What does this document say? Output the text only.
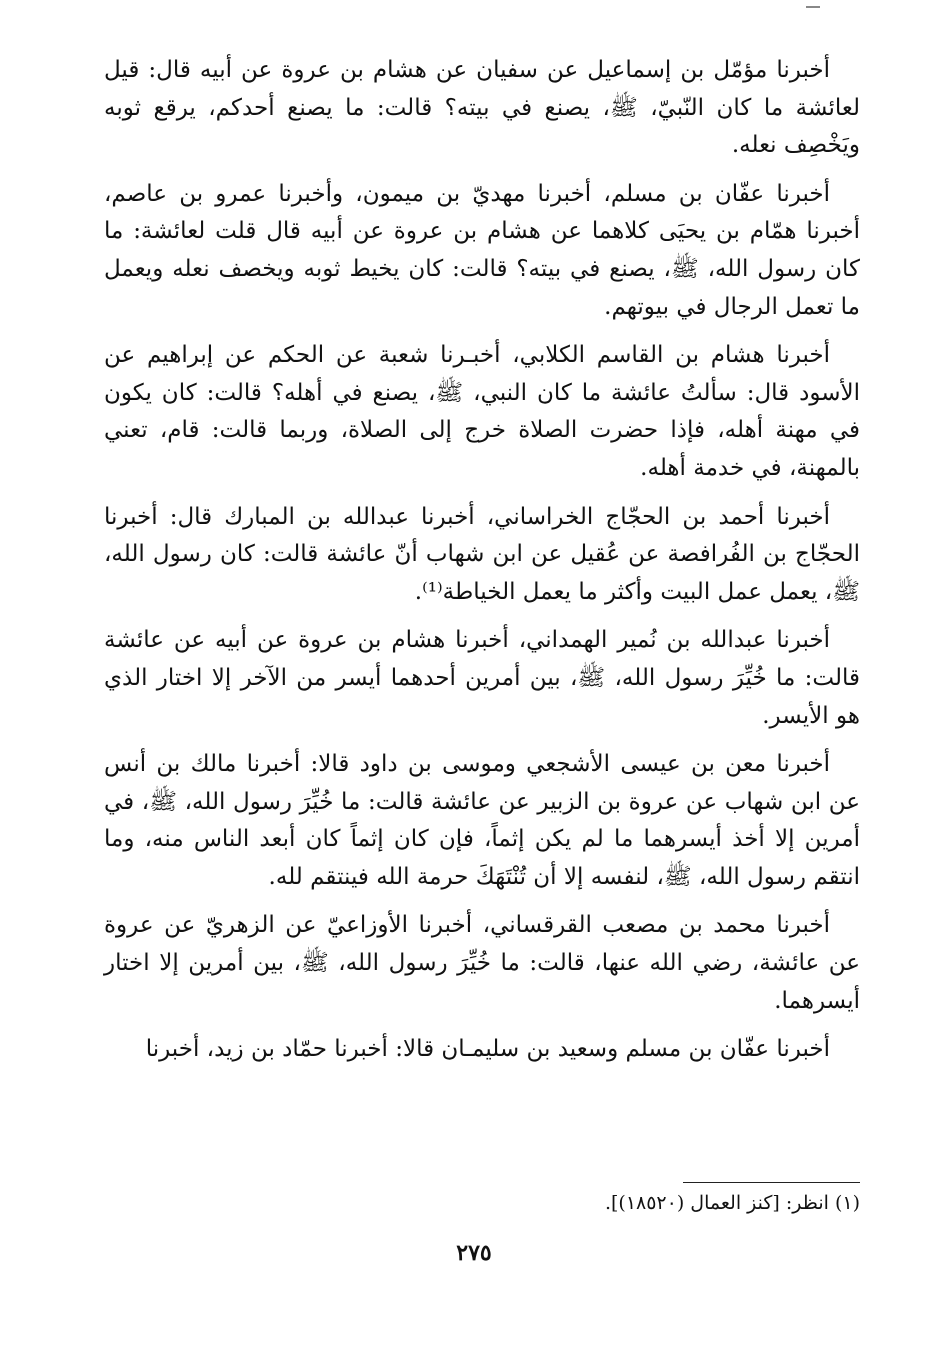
أخبرنا مؤمّل بن إسماعيل عن سفيان عن هشام بن عروة عن أبيه قال: قيل لعائشة ما كان النّبيّ، ﷺ، يصنع في بيته؟ قالت: ما يصنع أحدكم، يرقع ثوبه ويَخْصِف نعله.

أخبرنا عفّان بن مسلم، أخبرنا مهديّ بن ميمون، وأخبرنا عمرو بن عاصم، أخبرنا همّام بن يحيَى كلاهما عن هشام بن عروة عن أبيه قال قلت لعائشة: ما كان رسول الله، ﷺ، يصنع في بيته؟ قالت: كان يخيط ثوبه ويخصف نعله ويعمل ما تعمل الرجال في بيوتهم.

أخبرنا هشام بن القاسم الكلابي، أخبـرنا شعبة عن الحكم عن إبراهيم عن الأسود قال: سألتُ عائشة ما كان النبي، ﷺ، يصنع في أهله؟ قالت: كان يكون في مهنة أهله، فإذا حضرت الصلاة خرج إلى الصلاة، وربما قالت: قام، تعني بالمهنة، في خدمة أهله.

أخبرنا أحمد بن الحجّاج الخراساني، أخبرنا عبدالله بن المبارك قال: أخبرنا الحجّاج بن الفُرافصة عن عُقيل عن ابن شهاب أنّ عائشة قالت: كان رسول الله، ﷺ، يعمل عمل البيت وأكثر ما يعمل الخياطة⁽¹⁾.

أخبرنا عبدالله بن نُمير الهمداني، أخبرنا هشام بن عروة عن أبيه عن عائشة قالت: ما خُيِّرَ رسول الله، ﷺ، بين أمرين أحدهما أيسر من الآخر إلا اختار الذي هو الأيسر.

أخبرنا معن بن عيسى الأشجعي وموسى بن داود قالا: أخبرنا مالك بن أنس عن ابن شهاب عن عروة بن الزبير عن عائشة قالت: ما خُيِّرَ رسول الله، ﷺ، في أمرين إلا أخذ أيسرهما ما لم يكن إثماً، فإن كان إثماً كان أبعد الناس منه، وما انتقم رسول الله، ﷺ، لنفسه إلا أن تُنْتَهَكَ حرمة الله فينتقم لله.

أخبرنا محمد بن مصعب القرقساني، أخبرنا الأوزاعيّ عن الزهريّ عن عروة عن عائشة، رضي الله عنها، قالت: ما خُيِّرَ رسول الله، ﷺ، بين أمرين إلا اختار أيسرهما.

أخبرنا عفّان بن مسلم وسعيد بن سليمـان قالا: أخبرنا حمّاد بن زيد، أخبرنا

(١) انظر: [كنز العمال (١٨٥٢٠)].
٢٧٥
